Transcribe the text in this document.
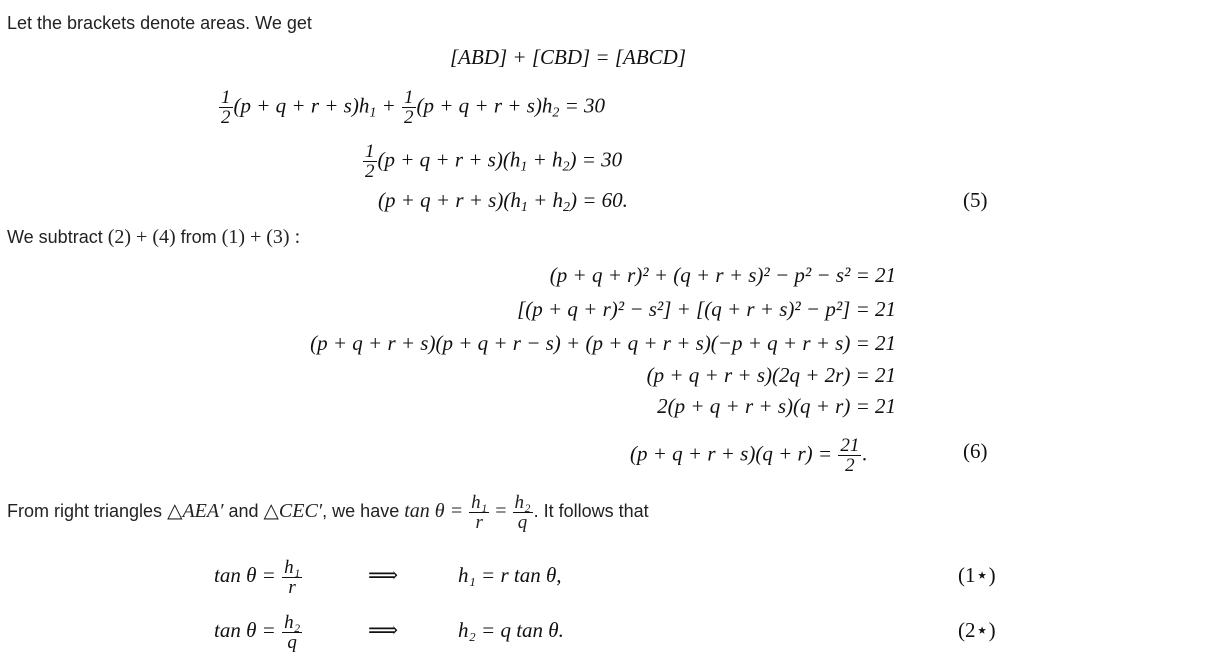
Let the brackets denote areas. We get
[ABD] + [CBD] = [ABCD]
$\frac{1}{2} (p + q + r + s)h_1 + \frac{1}{2} (p + q + r + s)h_2 = 30$
$\frac{1}{2} (p + q + r + s)(h_1 + h_2) = 30$
$(p + q + r + s)(h_1 + h_2) = 60$.	(5)
We subtract (2) + (4) from (1) + (3) :
(p + q + r)² + (q + r + s)² − p² − s² = 21
[(p + q + r)² − s²] + [(q + r + s)² − p²] = 21
(p + q + r + s)(p + q + r − s) + (p + q + r + s)(−p + q + r + s) = 21
(p + q + r + s)(2q + 2r) = 21
2(p + q + r + s)(q + r) = 21
$(p + q + r + s)(q + r) = \frac{21}{2}$ .	(6)
From right triangles △AEA′ and △CEC′, we have $\tan \theta = \frac{\text{h₁}}{r} = \frac{\text{h₂}}{q}$ . It follows that
$\tan \theta = \frac{\text{h₁}}{r}$	⟹	h₁ = r tan θ,	(1⋆)
$\tan \theta = \frac{\text{h₂}}{q}$	⟹	h₂ = q tan θ.	(2⋆)
